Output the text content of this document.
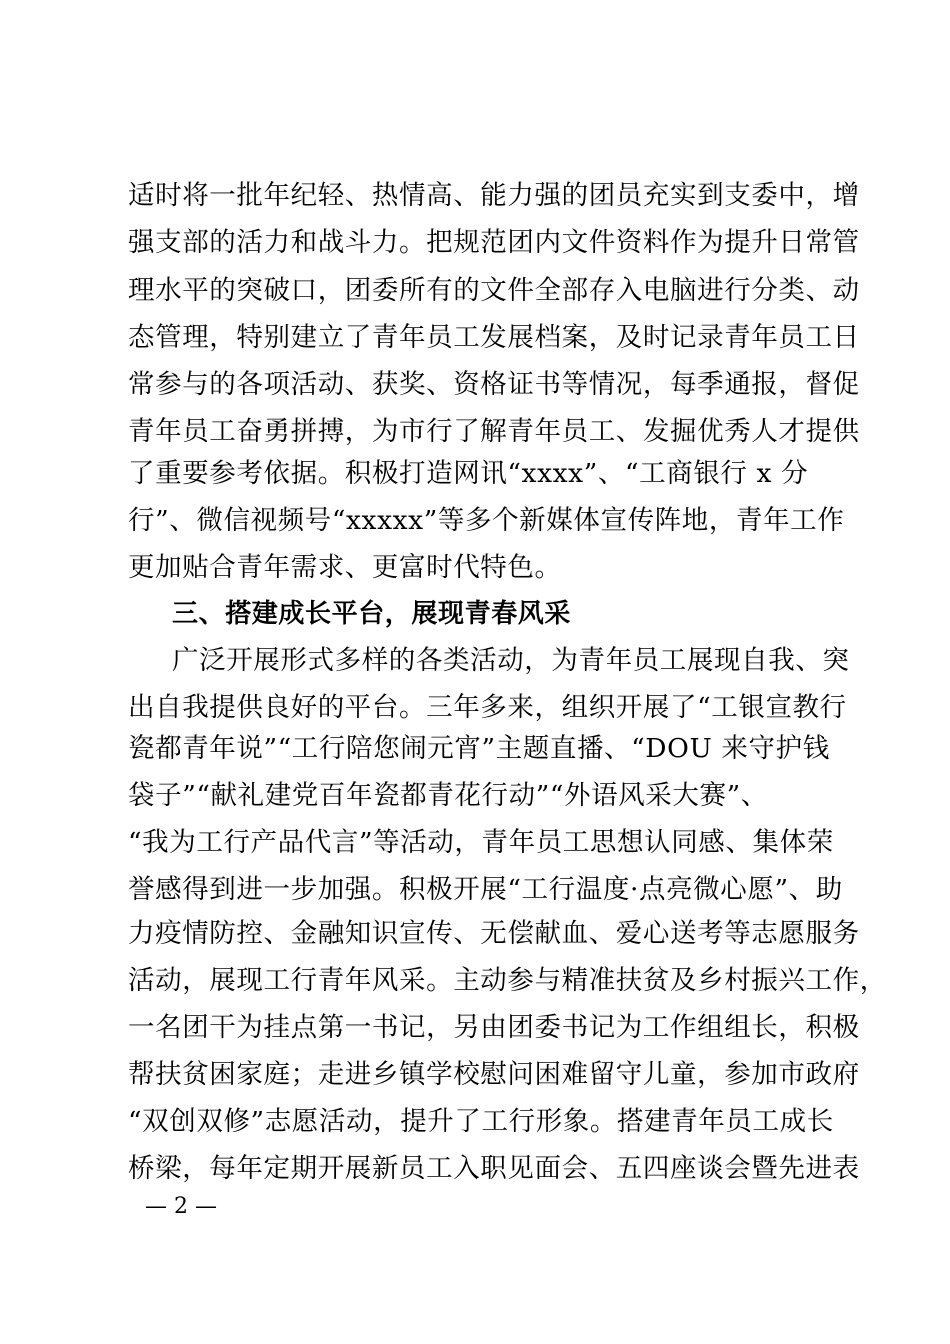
适时将一批年纪轻、热情高、能力强的团员充实到支委中，增
强支部的活力和战斗力。把规范团内文件资料作为提升日常管
理水平的突破口，团委所有的文件全部存入电脑进行分类、动
态管理，特别建立了青年员工发展档案，及时记录青年员工日
常参与的各项活动、获奖、资格证书等情况，每季通报，督促
青年员工奋勇拼搏，为市行了解青年员工、发掘优秀人才提供
了重要参考依据。积极打造网讯“xxxx”、“工商银行 x 分
行”、微信视频号“xxxxx”等多个新媒体宣传阵地，青年工作
更加贴合青年需求、更富时代特色。
三、搭建成长平台，展现青春风采
广泛开展形式多样的各类活动，为青年员工展现自我、突
出自我提供良好的平台。三年多来，组织开展了“工银宣教行
瓷都青年说”“工行陪您闹元宵”主题直播、“DOU 来守护钱
袋子”“献礼建党百年瓷都青花行动”“外语风采大赛”、
“我为工行产品代言”等活动，青年员工思想认同感、集体荣
誉感得到进一步加强。积极开展“工行温度·点亮微心愿”、助
力疫情防控、金融知识宣传、无偿献血、爱心送考等志愿服务
活动，展现工行青年风采。主动参与精准扶贫及乡村振兴工作，
一名团干为挂点第一书记，另由团委书记为工作组组长，积极
帮扶贫困家庭；走进乡镇学校慰问困难留守儿童，参加市政府
“双创双修”志愿活动，提升了工行形象。搭建青年员工成长
桥梁，每年定期开展新员工入职见面会、五四座谈会暨先进表
— 2 —
